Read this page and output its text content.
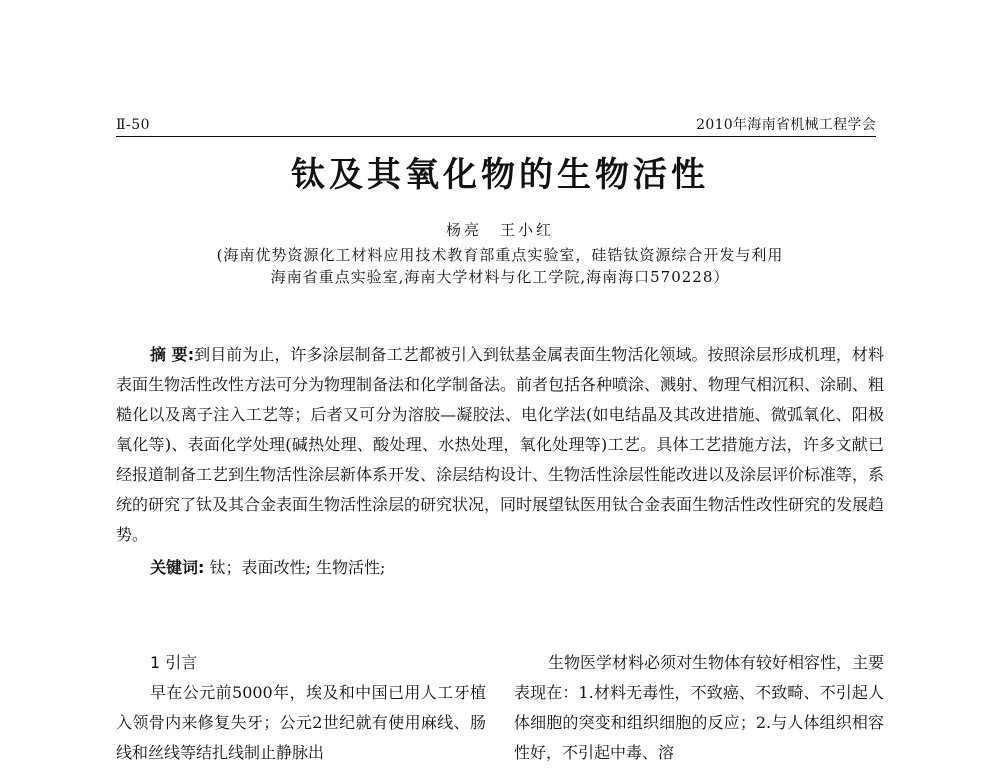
Ⅱ-50	2010年海南省机械工程学会
钛及其氧化物的生物活性
杨亮　王小红
(海南优势资源化工材料应用技术教育部重点实验室，硅锆钛资源综合开发与利用
海南省重点实验室,海南大学材料与化工学院,海南海口570228）
摘 要:到目前为止，许多涂层制备工艺都被引入到钛基金属表面生物活化领域。按照涂层形成机理，材料表面生物活性改性方法可分为物理制备法和化学制备法。前者包括各种喷涂、溅射、物理气相沉积、涂刷、粗糙化以及离子注入工艺等；后者又可分为溶胶—凝胶法、电化学法(如电结晶及其改进措施、微弧氧化、阳极氧化等)、表面化学处理(碱热处理、酸处理、水热处理，氧化处理等)工艺。具体工艺措施方法，许多文献已经报道制备工艺到生物活性涂层新体系开发、涂层结构设计、生物活性涂层性能改进以及涂层评价标准等，系统的研究了钛及其合金表面生物活性涂层的研究状况，同时展望钛医用钛合金表面生物活性改性研究的发展趋势。
关键词: 钛；表面改性; 生物活性;
1 引言
早在公元前5000年，埃及和中国已用人工牙植入领骨内来修复失牙；公元2世纪就有使用麻线、肠线和丝线等结扎线制止静脉出
生物医学材料必须对生物体有较好相容性，主要表现在：1.材料无毒性，不致癌、不致畸、不引起人体细胞的突变和组织细胞的反应；2.与人体组织相容性好，不引起中毒、溶
